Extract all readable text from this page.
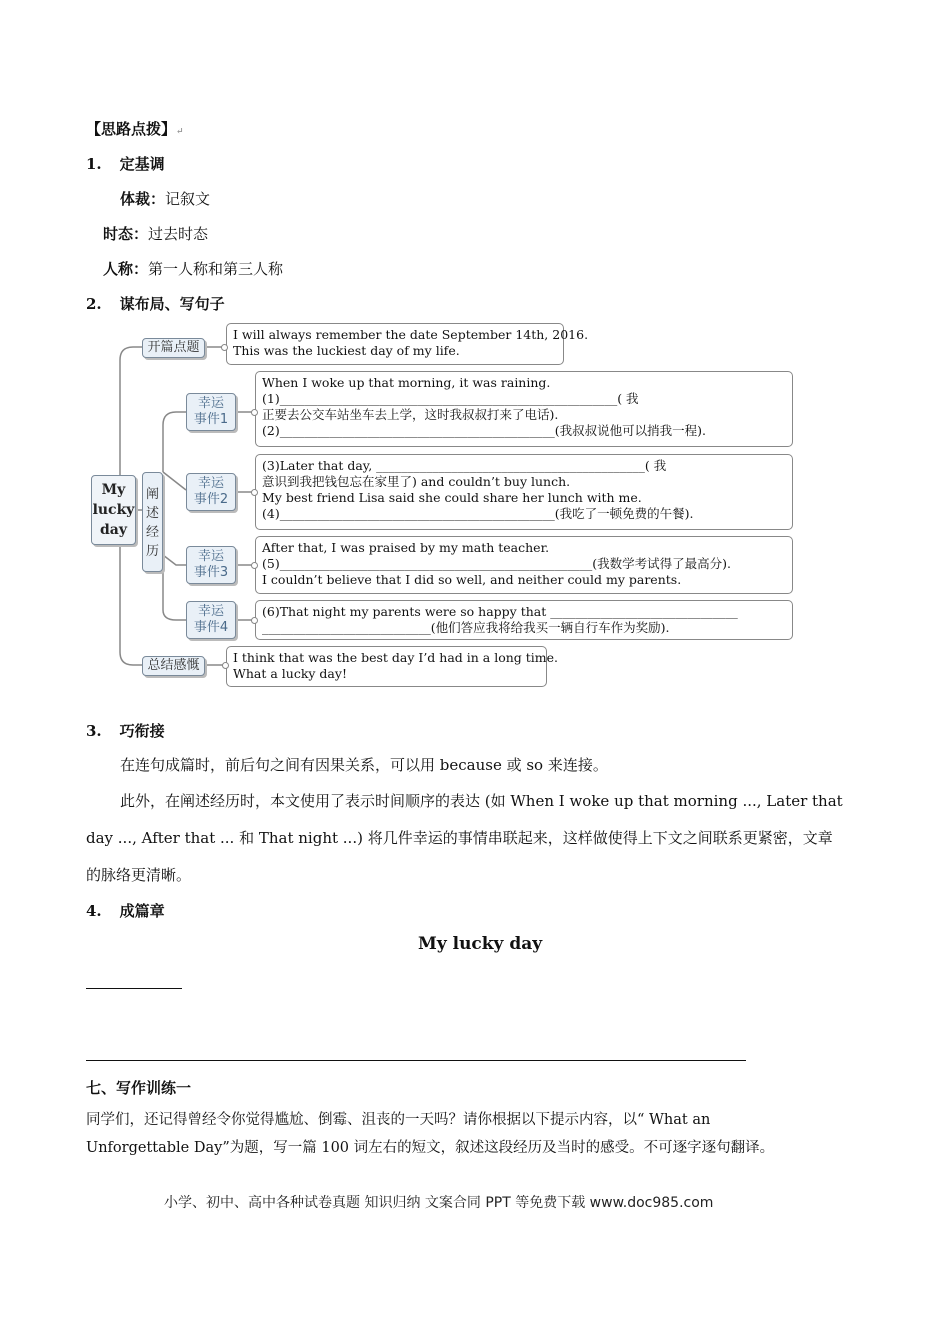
【思路点拨】↵
1. 定基调
体裁：记叙文
时态：过去时态
人称：第一人称和第三人称
2. 谋布局、写句子
My
lucky
day
开篇点题
阐
述
经
历
总结感慨
I will always remember the date September 14th, 2016.
This was the luckiest day of my life.
幸运
事件1
幸运
事件2
幸运
事件3
幸运
事件4
When I woke up that morning, it was raining.
(1)______________________________________________________( 我
正要去公交车站坐车去上学，这时我叔叔打来了电话).
(2)____________________________________________(我叔叔说他可以捎我一程).
(3)Later that day, ___________________________________________( 我
意识到我把钱包忘在家里了) and couldn’t buy lunch.
My best friend Lisa said she could share her lunch with me.
(4)____________________________________________(我吃了一顿免费的午餐).
After that, I was praised by my math teacher.
(5)__________________________________________________(我数学考试得了最高分).
I couldn’t believe that I did so well, and neither could my parents.
(6)That night my parents were so happy that ______________________________
___________________________(他们答应我将给我买一辆自行车作为奖励).
I think that was the best day I’d had in a long time.
What a lucky day!
3. 巧衔接
在连句成篇时，前后句之间有因果关系，可以用 because 或 so 来连接。
此外，在阐述经历时，本文使用了表示时间顺序的表达 (如 When I woke up that morning ..., Later that
day ..., After that ... 和 That night ...) 将几件幸运的事情串联起来，这样做使得上下文之间联系更紧密，文章
的脉络更清晰。
4. 成篇章
My lucky day
七、写作训练一
同学们，还记得曾经令你觉得尴尬、倒霉、沮丧的一天吗？请你根据以下提示内容，以“ What an
Unforgettable Day”为题，写一篇 100 词左右的短文，叙述这段经历及当时的感受。不可逐字逐句翻译。
小学、初中、高中各种试卷真题 知识归纳 文案合同 PPT 等免费下载 www.doc985.com
